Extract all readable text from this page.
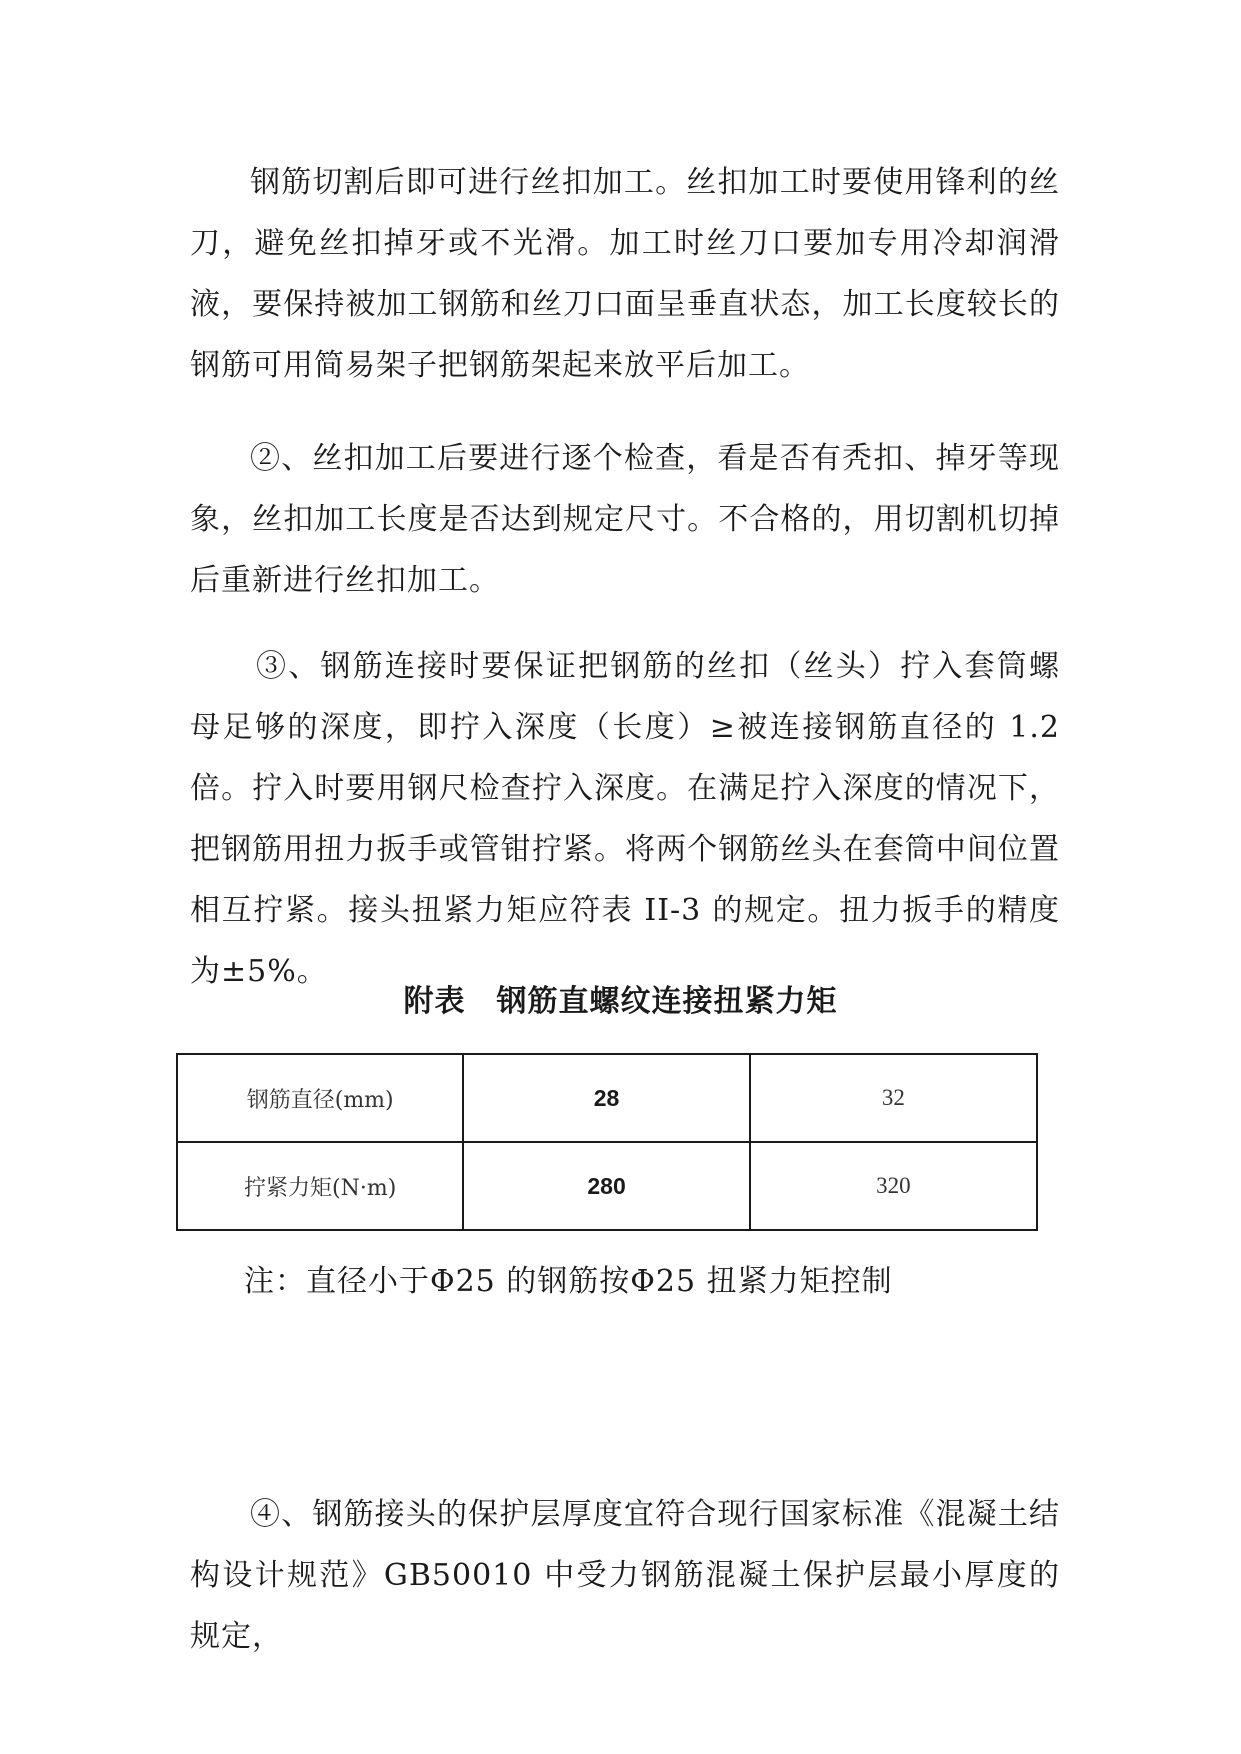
钢筋切割后即可进行丝扣加工。丝扣加工时要使用锋利的丝刀，避免丝扣掉牙或不光滑。加工时丝刀口要加专用冷却润滑液，要保持被加工钢筋和丝刀口面呈垂直状态，加工长度较长的钢筋可用简易架子把钢筋架起来放平后加工。

②、丝扣加工后要进行逐个检查，看是否有秃扣、掉牙等现象，丝扣加工长度是否达到规定尺寸。不合格的，用切割机切掉后重新进行丝扣加工。

③、钢筋连接时要保证把钢筋的丝扣（丝头）拧入套筒螺母足够的深度，即拧入深度（长度）≥被连接钢筋直径的 1.2 倍。拧入时要用钢尺检查拧入深度。在满足拧入深度的情况下，把钢筋用扭力扳手或管钳拧紧。将两个钢筋丝头在套筒中间位置相互拧紧。接头扭紧力矩应符表 II-3 的规定。扭力扳手的精度为±5%。

附表　钢筋直螺纹连接扭紧力矩

钢筋直径(mm)	28	32
拧紧力矩(N·m)	280	320

注：直径小于Φ25 的钢筋按Φ25 扭紧力矩控制

④、钢筋接头的保护层厚度宜符合现行国家标准《混凝土结构设计规范》GB50010 中受力钢筋混凝土保护层最小厚度的规定，
